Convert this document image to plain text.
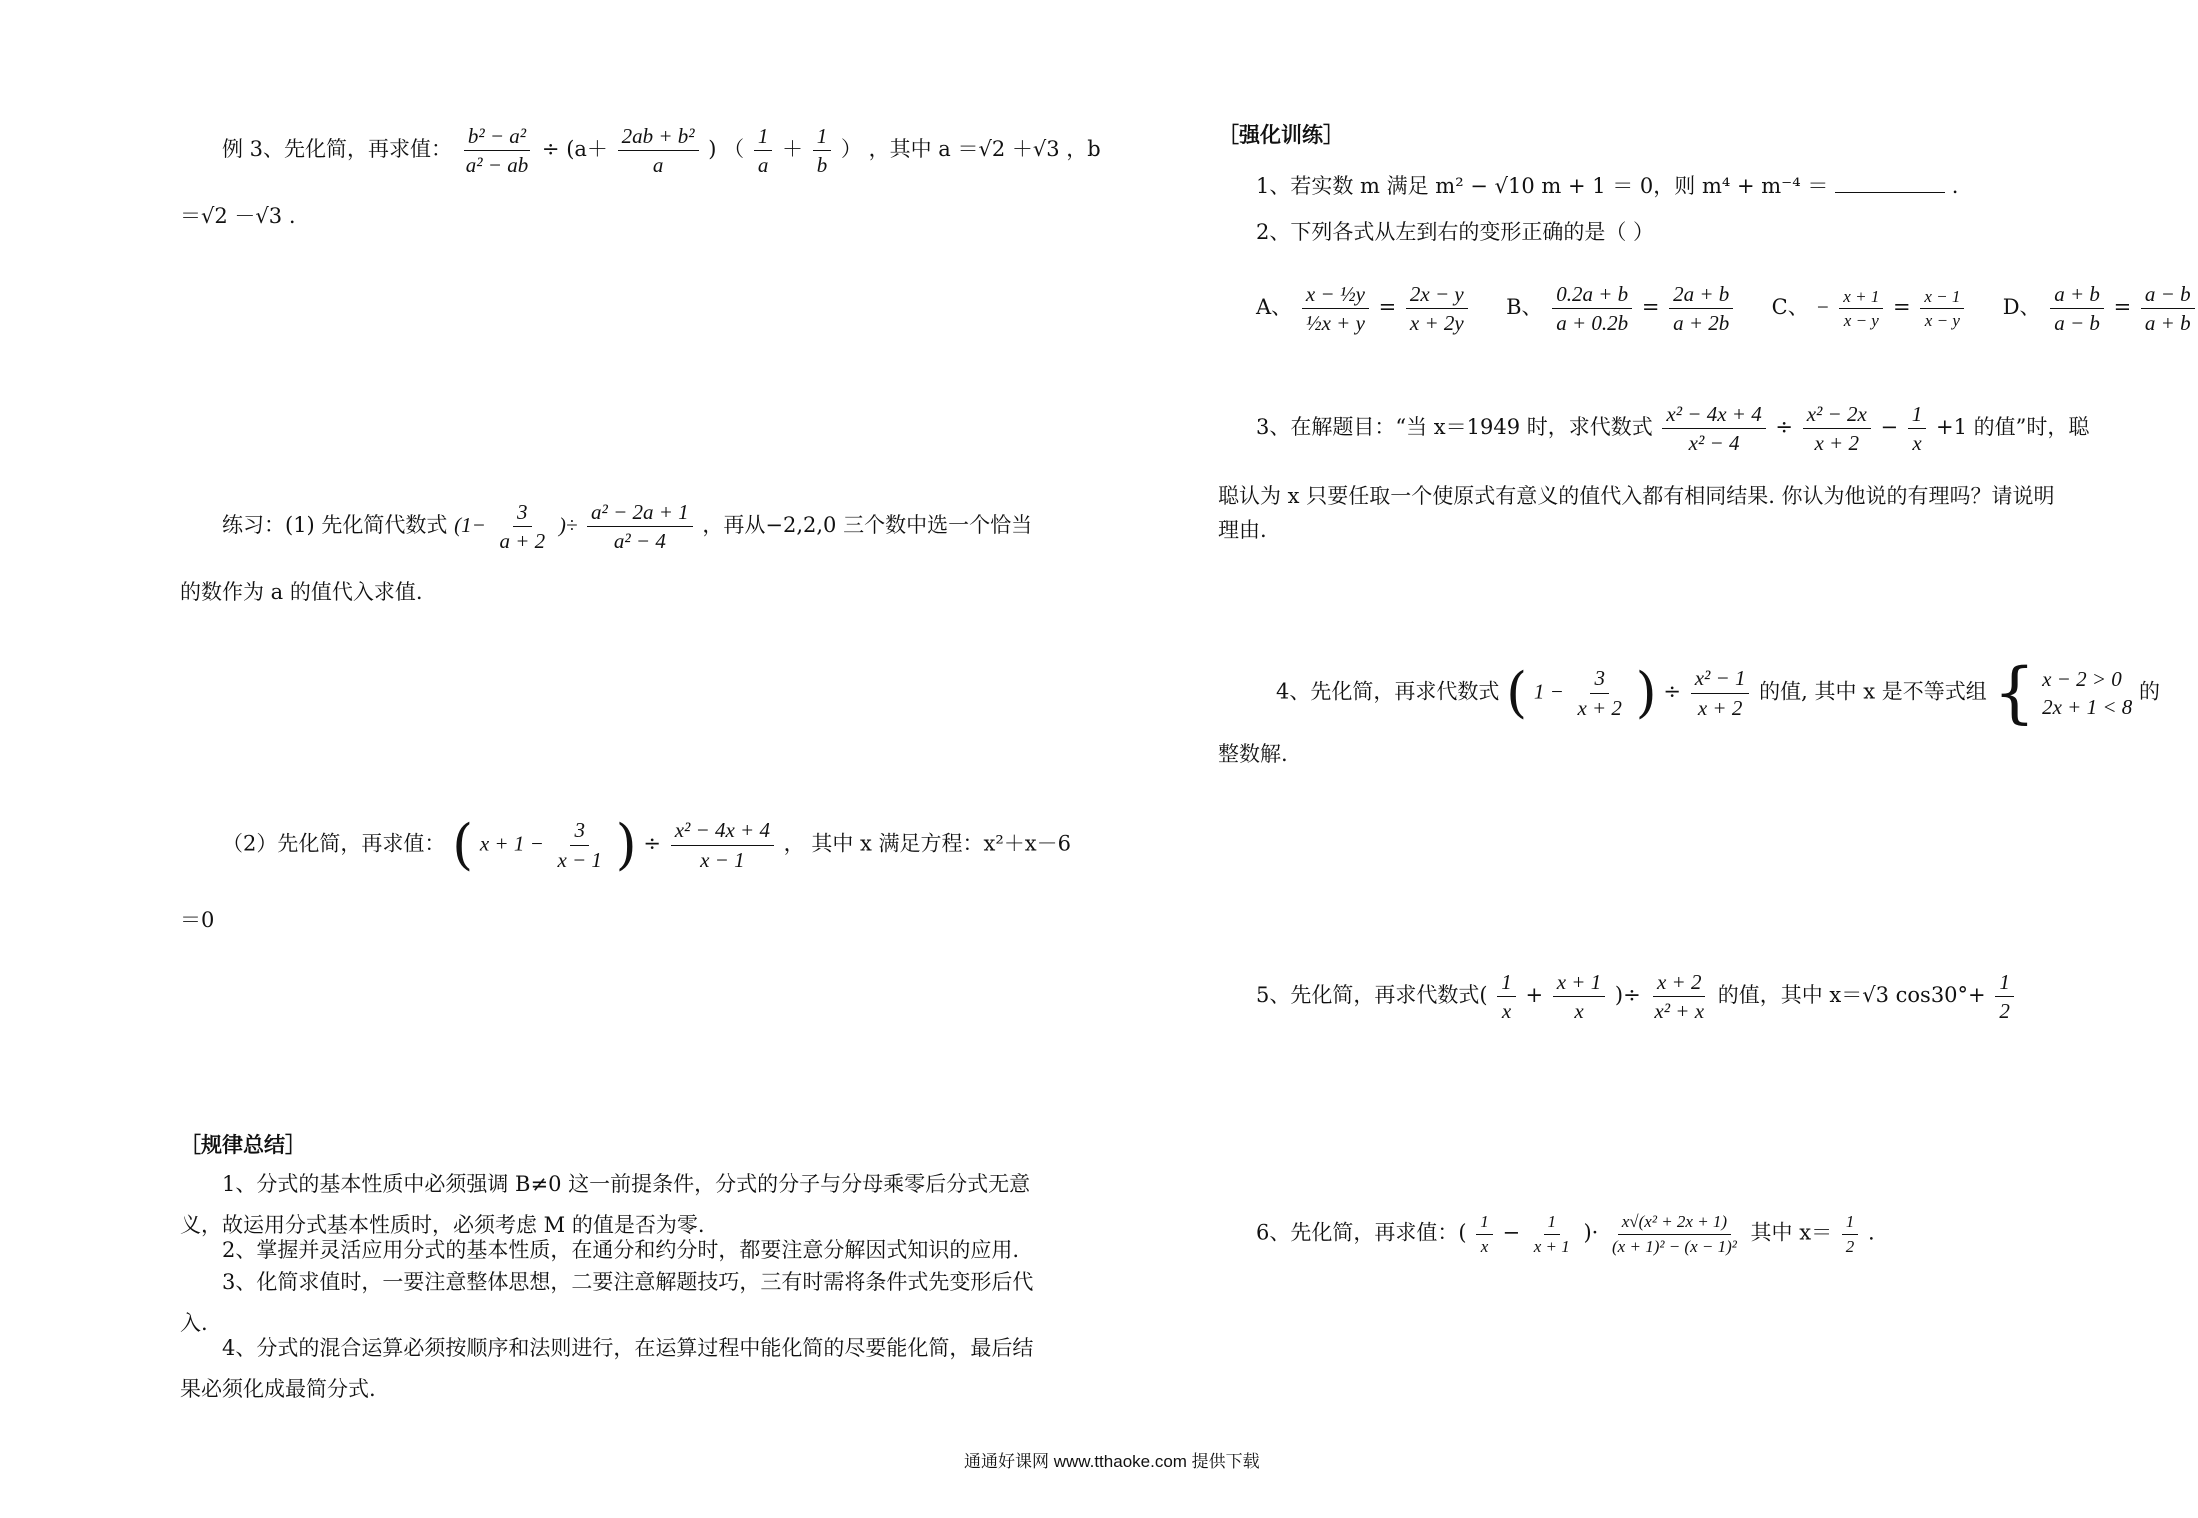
例 3、先化简，再求值： $\frac{\text{b² − a²}}{\text{a² − ab}} \div (a+ \frac{\text{2ab + b²}}{a}$ ) （ $\frac{1}{a} + \frac{1}{b}$ ） ，其中 a ＝√2 ＋√3 ，b
＝√2 －√3 .
练习：(1) 先化简代数式 ($1- \frac{3}{a + 2}$ )÷ $\frac{\text{a² − 2a + 1}}{\text{a² − 4}}$ ，再从−2,2,0 三个数中选一个恰当
的数作为 a 的值代入求值.
（2）先化简，再求值： ( $x + 1 - \frac{3}{x - 1}$ ) ÷ $\frac{\text{x² − 4x + 4}}{x - 1}$ ， 其中 x 满足方程：x²＋x－6
＝0
［规律总结］
1、分式的基本性质中必须强调 B≠0 这一前提条件，分式的分子与分母乘零后分式无意义，故运用分式基本性质时，必须考虑 M 的值是否为零.
2、掌握并灵活应用分式的基本性质，在通分和约分时，都要注意分解因式知识的应用.
3、化简求值时，一要注意整体思想，二要注意解题技巧，三有时需将条件式先变形后代入.
4、分式的混合运算必须按顺序和法则进行，在运算过程中能化简的尽要能化简，最后结果必须化成最简分式.
［强化训练］
1、若实数 m 满足 m² − √10 m + 1 ＝ 0，则 m⁴ + m⁻⁴ ＝	.
2、下列各式从左到右的变形正确的是（ ）
A、 $\frac{\text{x − ½y}}{\text{½x + y}} = \frac{2x - y}{x + 2y}$ B、 $\frac{0.2a + b}{a + 0.2b} = \frac{2a + b}{a + 2b}$ C、 − $\frac{x + 1}{x - y} = \frac{x - 1}{x - y}$ D、 $\frac{a + b}{a - b} = \frac{a - b}{a + b}$
3、在解题目：“当 x＝1949 时，求代数式 $\frac{\text{x² − 4x + 4}}{\text{x² − 4}} \div \frac{\text{x² − 2x}}{x + 2} - \frac{1}{x} +1$ 的值”时，聪
聪认为 x 只要任取一个使原式有意义的值代入都有相同结果. 你认为他说的有理吗？请说明
理由.
4、先化简，再求代数式 ( $1 - \frac{3}{x + 2}$ ) ÷ $\frac{\text{x² − 1}}{x + 2}$ 的值, 其中 x 是不等式组 { x − 2 > 0
2x + 1 < 8
的
整数解.
5、先化简，再求代数式( $\frac{1}{x} + \frac{x + 1}{x}$ )÷ $\frac{x + 2}{\text{x² + x}}$ 的值，其中 x＝√3 $\cos 30^\circ+ \frac{1}{2}$
6、先化简，再求值：( $\frac{1}{x} - \frac{1}{x + 1}$ )· $\frac{\text{x√(x² + 2x + 1)}}{\text{(x + 1)² − (x − 1)²}}$ 其中 $x= \frac{1}{2}$ .
通通好课网 www.tthaoke.com 提供下载
